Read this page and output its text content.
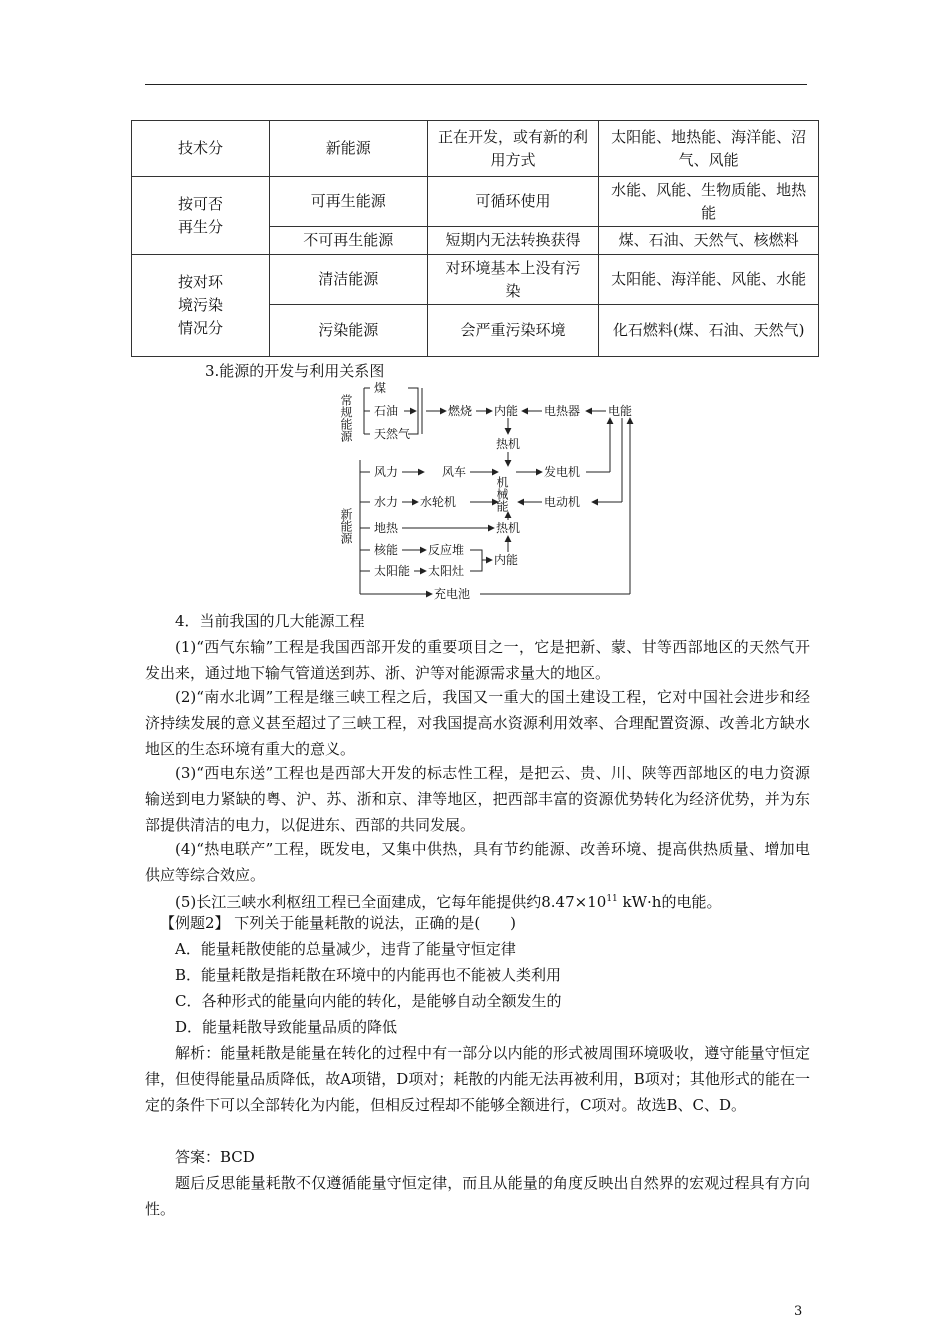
技术分	新能源	正在开发，或有新的利用方式	太阳能、地热能、海洋能、沼气、风能
按可否再生分	可再生能源	可循环使用	水能、风能、生物质能、地热能
	不可再生能源	短期内无法转换获得	煤、石油、天然气、核燃料
按对环境污染情况分	清洁能源	对环境基本上没有污染	太阳能、海洋能、风能、水能
	污染能源	会严重污染环境	化石燃料(煤、石油、天然气)
3.能源的开发与利用关系图
常规能源
新能源
煤
石油
天然气
燃烧 内能 电热器 电能
热机
风力	风车
机械能
发电机
水力 水轮机	电动机
地热	热机
核能 反应堆
内能
太阳能 太阳灶
充电池
4．当前我国的几大能源工程
(1)“西气东输”工程是我国西部开发的重要项目之一，它是把新、蒙、甘等西部地区的天然气开发出来，通过地下输气管道送到苏、浙、沪等对能源需求量大的地区。
(2)“南水北调”工程是继三峡工程之后，我国又一重大的国土建设工程，它对中国社会进步和经济持续发展的意义甚至超过了三峡工程，对我国提高水资源利用效率、合理配置资源、改善北方缺水地区的生态环境有重大的意义。
(3)“西电东送”工程也是西部大开发的标志性工程，是把云、贵、川、陕等西部地区的电力资源输送到电力紧缺的粤、沪、苏、浙和京、津等地区，把西部丰富的资源优势转化为经济优势，并为东部提供清洁的电力，以促进东、西部的共同发展。
(4)“热电联产”工程，既发电，又集中供热，具有节约能源、改善环境、提高供热质量、增加电供应等综合效应。
(5)长江三峡水利枢纽工程已全面建成，它每年能提供约$8.47\times 10^{11}$ kW·h的电能。
【例题2】 下列关于能量耗散的说法，正确的是(　　)
A．能量耗散使能的总量减少，违背了能量守恒定律
B．能量耗散是指耗散在环境中的内能再也不能被人类利用
C．各种形式的能量向内能的转化，是能够自动全额发生的
D．能量耗散导致能量品质的降低
解析：能量耗散是能量在转化的过程中有一部分以内能的形式被周围环境吸收，遵守能量守恒定律，但使得能量品质降低，故A项错，D项对；耗散的内能无法再被利用，B项对；其他形式的能在一定的条件下可以全部转化为内能，但相反过程却不能够全额进行，C项对。故选B、C、D。
答案：BCD
题后反思能量耗散不仅遵循能量守恒定律，而且从能量的角度反映出自然界的宏观过程具有方向性。
3
